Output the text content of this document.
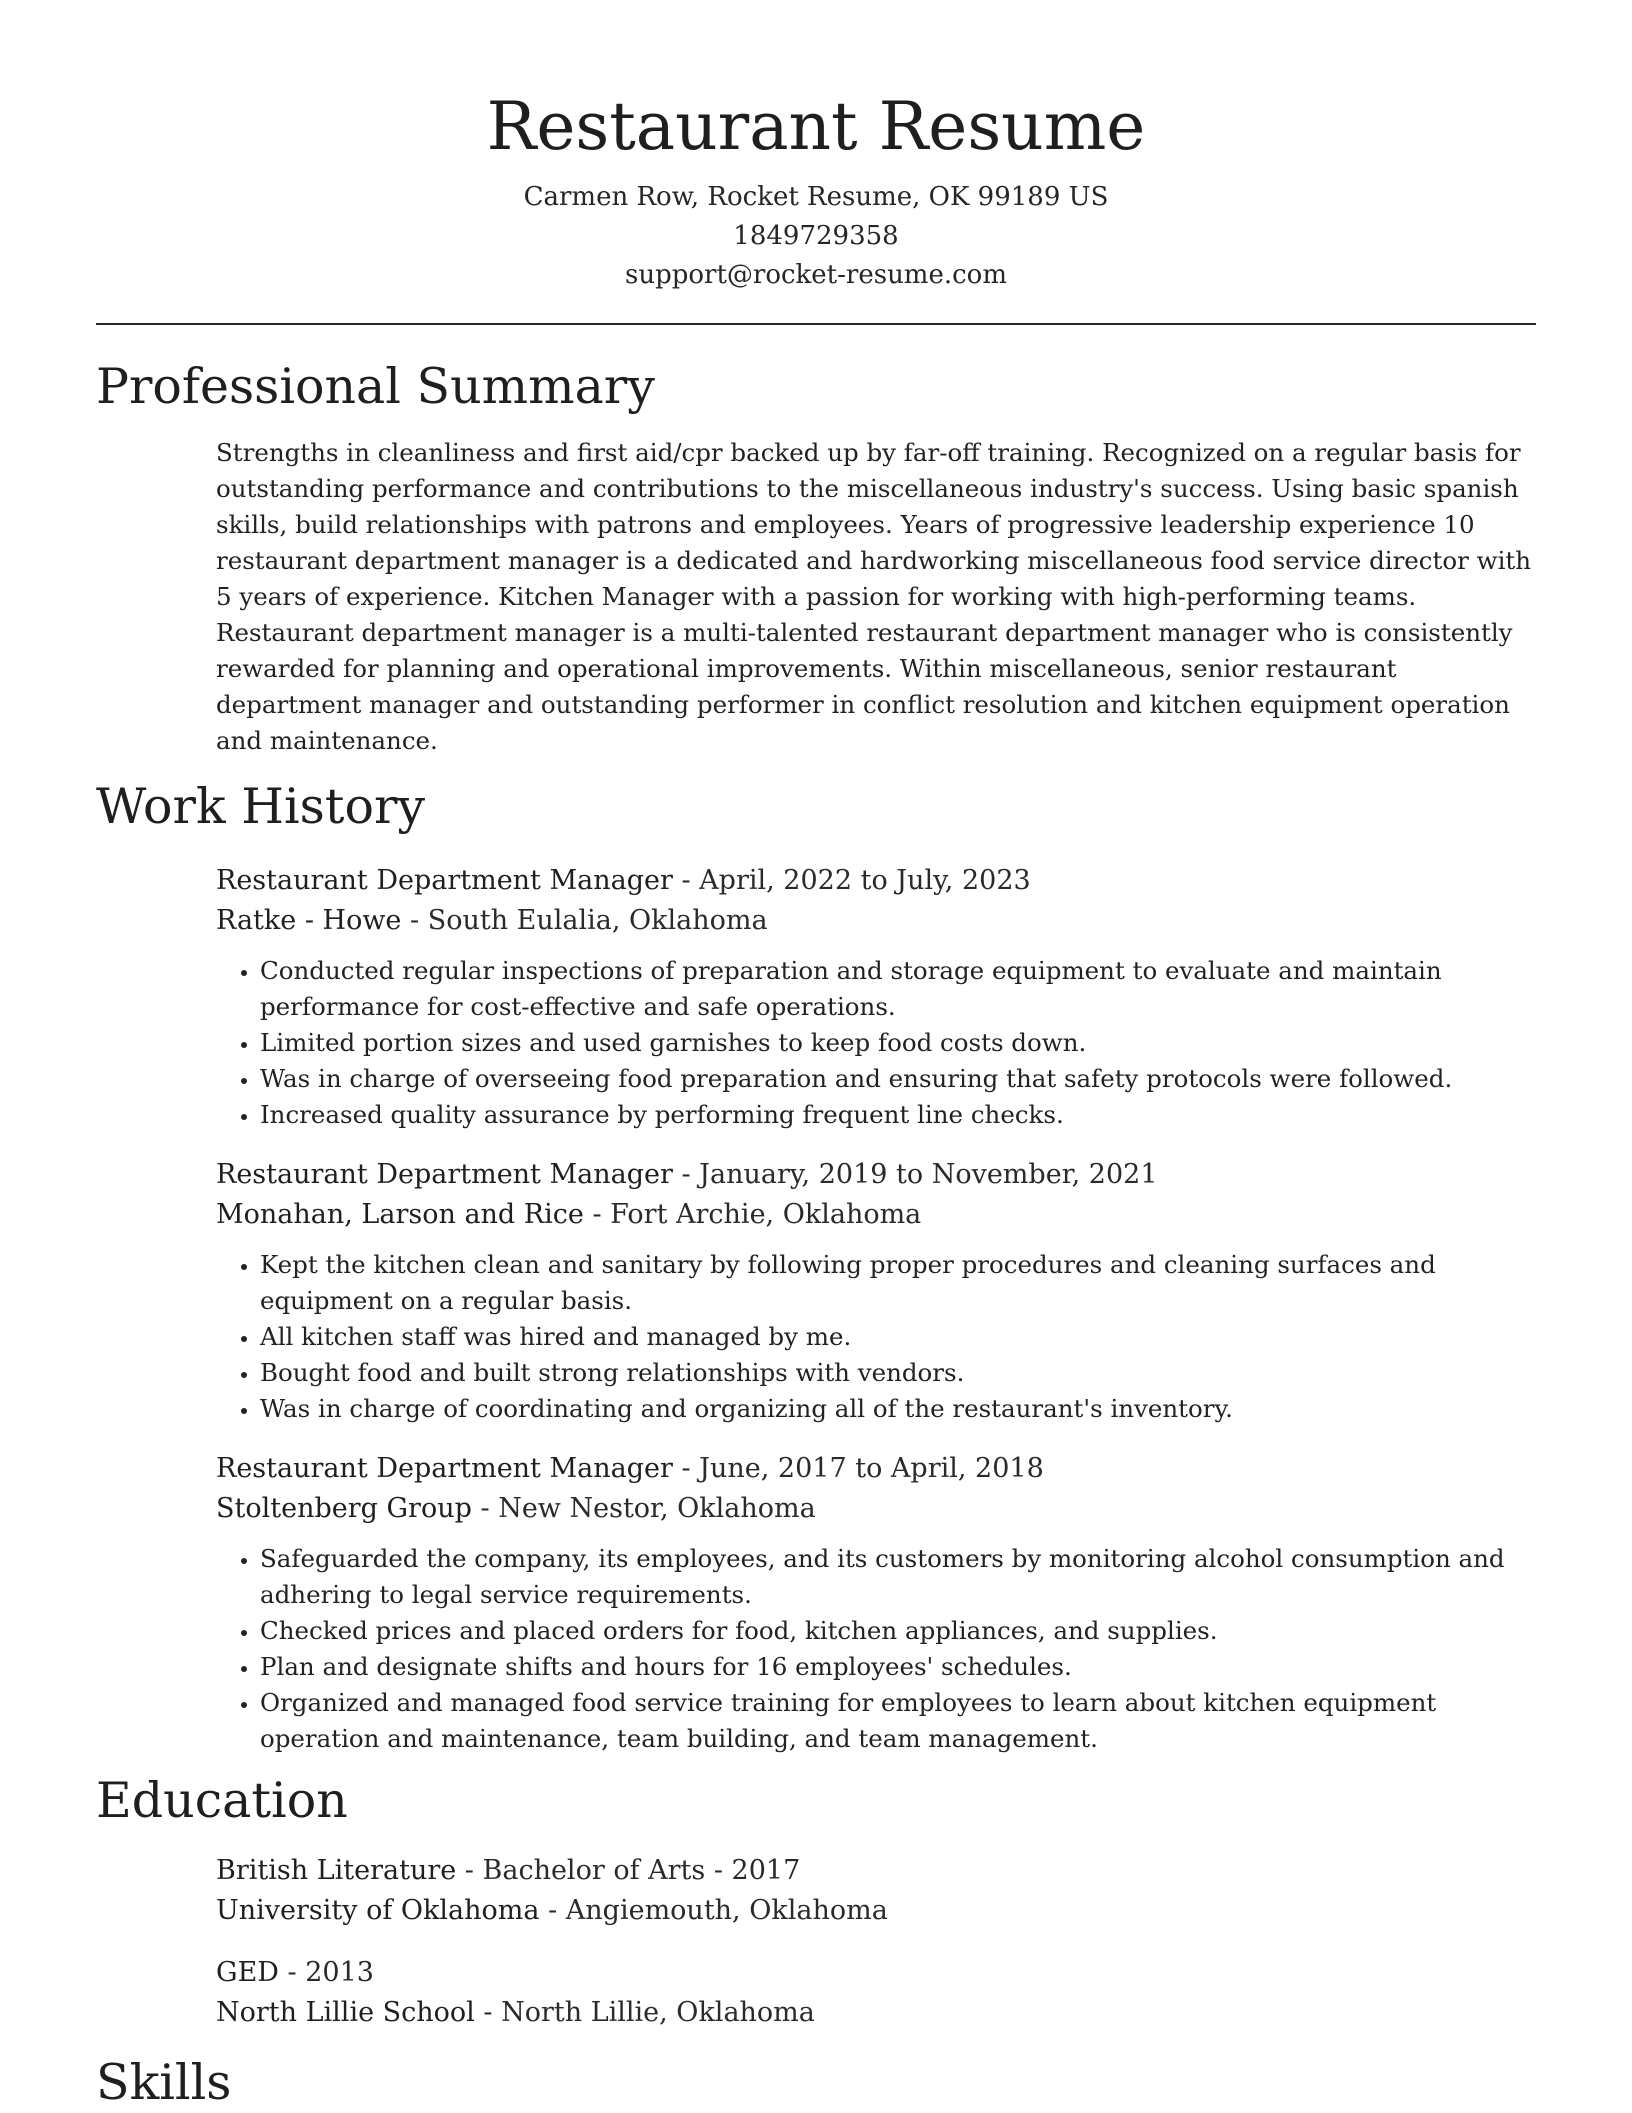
Restaurant Resume
Carmen Row, Rocket Resume, OK 99189 US
1849729358
support@rocket-resume.com
Professional Summary

Strengths in cleanliness and first aid/cpr backed up by far-off training. Recognized on a regular basis for outstanding performance and contributions to the miscellaneous industry's success. Using basic spanish skills, build relationships with patrons and employees. Years of progressive leadership experience 10 restaurant department manager is a dedicated and hardworking miscellaneous food service director with 5 years of experience. Kitchen Manager with a passion for working with high-performing teams. Restaurant department manager is a multi-talented restaurant department manager who is consistently rewarded for planning and operational improvements. Within miscellaneous, senior restaurant department manager and outstanding performer in conflict resolution and kitchen equipment operation and maintenance.

Work History
Restaurant Department Manager - April, 2022 to July, 2023
Ratke - Howe - South Eulalia, Oklahoma
• Conducted regular inspections of preparation and storage equipment to evaluate and maintain performance for cost-effective and safe operations.
• Limited portion sizes and used garnishes to keep food costs down.
• Was in charge of overseeing food preparation and ensuring that safety protocols were followed.
• Increased quality assurance by performing frequent line checks.
Restaurant Department Manager - January, 2019 to November, 2021
Monahan, Larson and Rice - Fort Archie, Oklahoma
• Kept the kitchen clean and sanitary by following proper procedures and cleaning surfaces and equipment on a regular basis.
• All kitchen staff was hired and managed by me.
• Bought food and built strong relationships with vendors.
• Was in charge of coordinating and organizing all of the restaurant's inventory.
Restaurant Department Manager - June, 2017 to April, 2018
Stoltenberg Group - New Nestor, Oklahoma
• Safeguarded the company, its employees, and its customers by monitoring alcohol consumption and adhering to legal service requirements.
• Checked prices and placed orders for food, kitchen appliances, and supplies.
• Plan and designate shifts and hours for 16 employees' schedules.
• Organized and managed food service training for employees to learn about kitchen equipment operation and maintenance, team building, and team management.
Education
British Literature - Bachelor of Arts - 2017
University of Oklahoma - Angiemouth, Oklahoma
GED - 2013
North Lillie School - North Lillie, Oklahoma
Skills
